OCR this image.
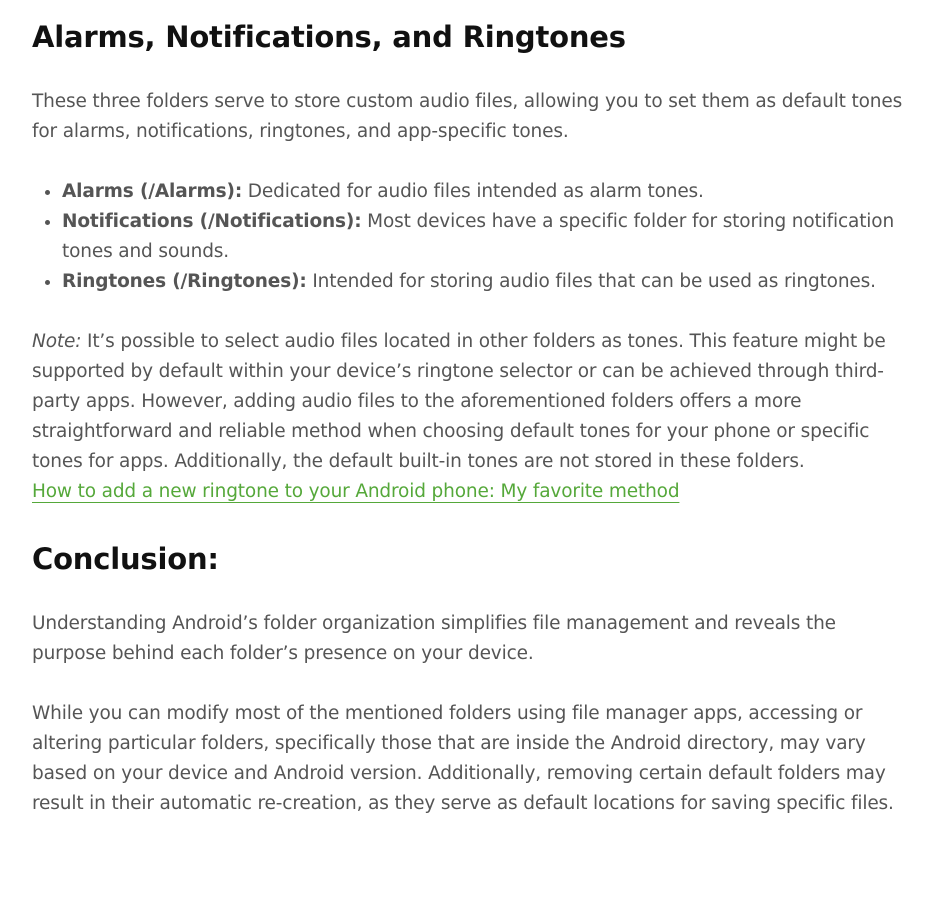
Alarms, Notifications, and Ringtones

These three folders serve to store custom audio files, allowing you to set them as default tones for alarms, notifications, ringtones, and app-specific tones.

• Alarms (/Alarms): Dedicated for audio files intended as alarm tones.
• Notifications (/Notifications): Most devices have a specific folder for storing notification tones and sounds.
• Ringtones (/Ringtones): Intended for storing audio files that can be used as ringtones.

Note: It’s possible to select audio files located in other folders as tones. This feature might be supported by default within your device’s ringtone selector or can be achieved through third-party apps. However, adding audio files to the aforementioned folders offers a more straightforward and reliable method when choosing default tones for your phone or specific tones for apps. Additionally, the default built-in tones are not stored in these folders.
How to add a new ringtone to your Android phone: My favorite method

Conclusion:

Understanding Android’s folder organization simplifies file management and reveals the purpose behind each folder’s presence on your device.

While you can modify most of the mentioned folders using file manager apps, accessing or altering particular folders, specifically those that are inside the Android directory, may vary based on your device and Android version. Additionally, removing certain default folders may result in their automatic re-creation, as they serve as default locations for saving specific files.
